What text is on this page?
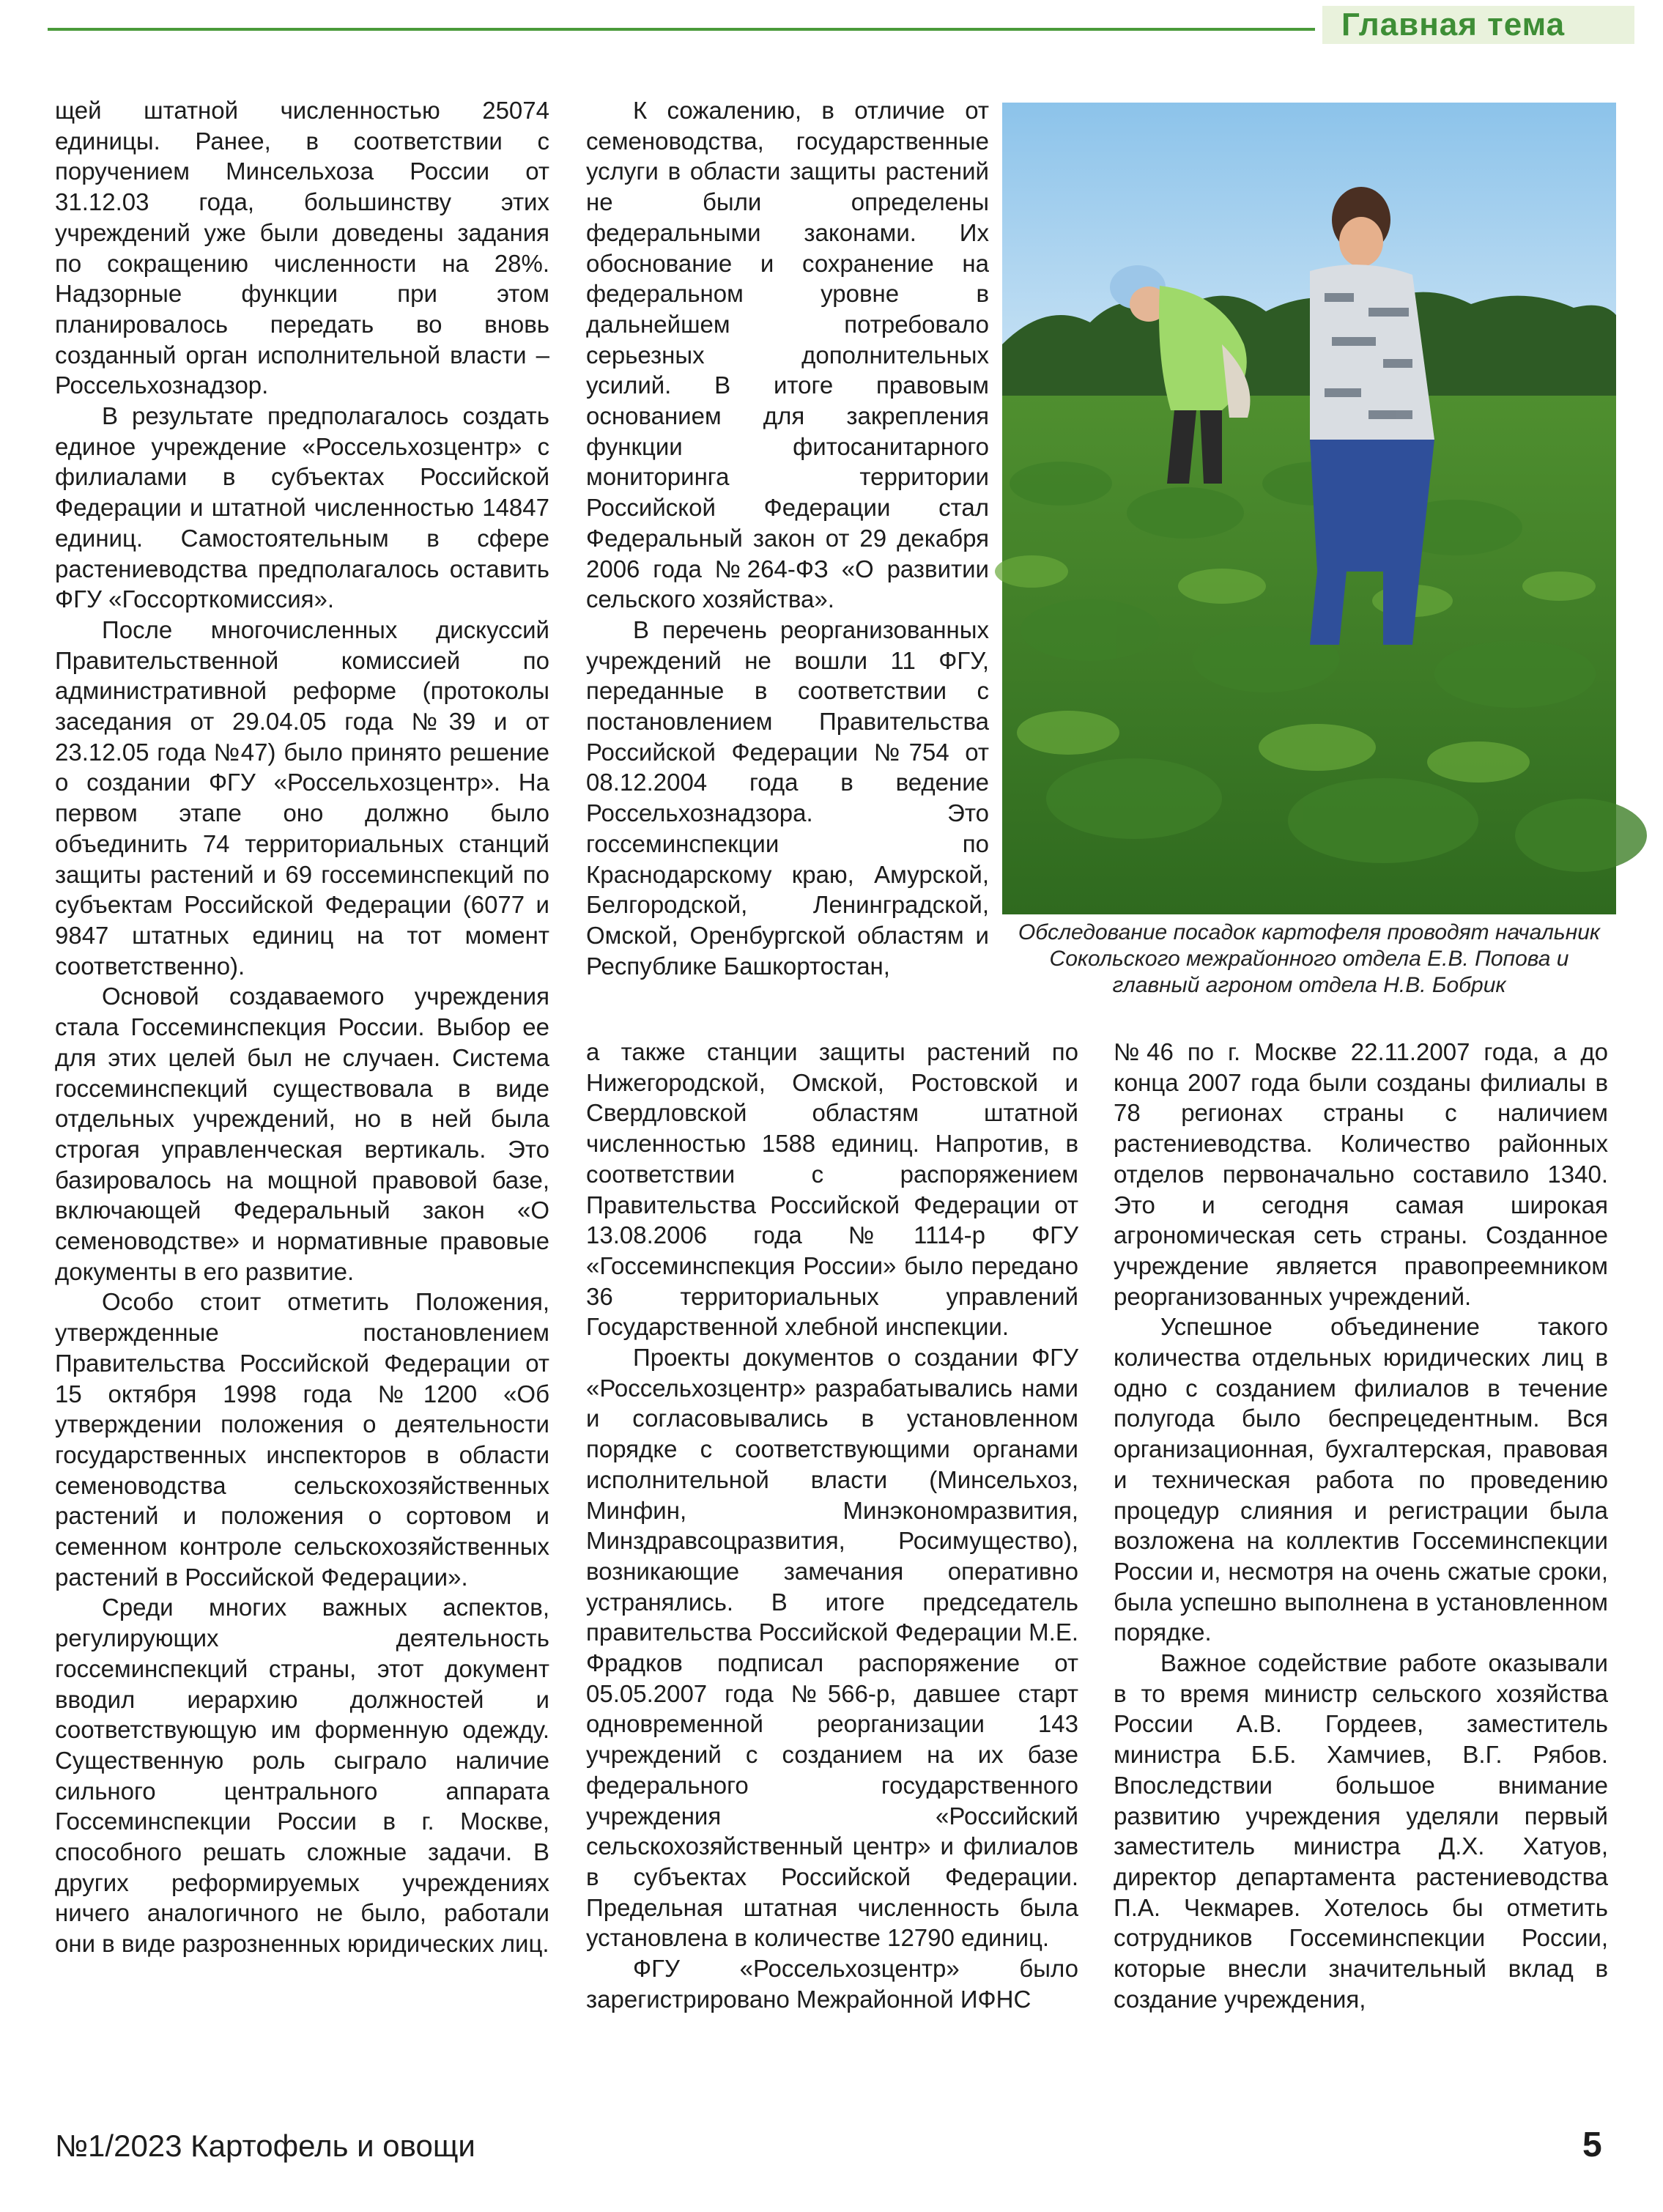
Главная тема

щей штатной численностью 25074 единицы. Ранее, в соответствии с поручением Минсельхоза России от 31.12.03 года, большинству этих учреждений уже были доведены задания по сокращению численности на 28%. Надзорные функции при этом планировалось передать во вновь созданный орган исполнительной власти – Россельхознадзор.

В результате предполагалось создать единое учреждение «Россельхозцентр» с филиалами в субъектах Российской Федерации и штатной численностью 14847 единиц. Самостоятельным в сфере растениеводства предполагалось оставить ФГУ «Госсорткомиссия».

После многочисленных дискуссий Правительственной комиссией по административной реформе (протоколы заседания от 29.04.05 года №39 и от 23.12.05 года №47) было принято решение о создании ФГУ «Россельхозцентр». На первом этапе оно должно было объединить 74 территориальных станций защиты растений и 69 госсеминспекций по субъектам Российской Федерации (6077 и 9847 штатных единиц на тот момент соответственно).

Основой создаваемого учреждения стала Госсеминспекция России. Выбор ее для этих целей был не случаен. Система госсеминспекций существовала в виде отдельных учреждений, но в ней была строгая управленческая вертикаль. Это базировалось на мощной правовой базе, включающей Федеральный закон «О семеноводстве» и нормативные правовые документы в его развитие.

Особо стоит отметить Положения, утвержденные постановлением Правительства Российской Федерации от 15 октября 1998 года №1200 «Об утверждении положения о деятельности государственных инспекторов в области семеноводства сельскохозяйственных растений и положения о сортовом и семенном контроле сельскохозяйственных растений в Российской Федерации».

Среди многих важных аспектов, регулирующих деятельность госсеминспекций страны, этот документ вводил иерархию должностей и соответствующую им форменную одежду. Существенную роль сыграло наличие сильного центрального аппарата Госсеминспекции России в г. Москве, способного решать сложные задачи. В других реформируемых учреждениях ничего аналогичного не было, работали они в виде разрозненных юридических лиц.

К сожалению, в отличие от семеноводства, государственные услуги в области защиты растений не были определены федеральными законами. Их обоснование и сохранение на федеральном уровне в дальнейшем потребовало серьезных дополнительных усилий. В итоге правовым основанием для закрепления функции фитосанитарного мониторинга территории Российской Федерации стал Федеральный закон от 29 декабря 2006 года №264-ФЗ «О развитии сельского хозяйства».

В перечень реорганизованных учреждений не вошли 11 ФГУ, переданные в соответствии с постановлением Правительства Российской Федерации №754 от 08.12.2004 года в ведение Россельхознадзора. Это госсеминспекции по Краснодарскому краю, Амурской, Белгородской, Ленинградской, Омской, Оренбургской областям и Республике Башкортостан,

Обследование посадок картофеля проводят начальник Сокольского межрайонного отдела Е.В. Попова и главный агроном отдела Н.В. Бобрик

а также станции защиты растений по Нижегородской, Омской, Ростовской и Свердловской областям штатной численностью 1588 единиц. Напротив, в соответствии с распоряжением Правительства Российской Федерации от 13.08.2006 года №1114-р ФГУ «Госсеминспекция России» было передано 36 территориальных управлений Государственной хлебной инспекции.

Проекты документов о создании ФГУ «Россельхозцентр» разрабатывались нами и согласовывались в установленном порядке с соответствующими органами исполнительной власти (Минсельхоз, Минфин, Минэкономразвития, Минздравсоцразвития, Росимущество), возникающие замечания оперативно устранялись. В итоге председатель правительства Российской Федерации М.Е. Фрадков подписал распоряжение от 05.05.2007 года №566-р, давшее старт одновременной реорганизации 143 учреждений с созданием на их базе федерального государственного учреждения «Российский сельскохозяйственный центр» и филиалов в субъектах Российской Федерации. Предельная штатная численность была установлена в количестве 12790 единиц.

ФГУ «Россельхозцентр» было зарегистрировано Межрайонной ИФНС

№46 по г. Москве 22.11.2007 года, а до конца 2007 года были созданы филиалы в 78 регионах страны с наличием растениеводства. Количество районных отделов первоначально составило 1340. Это и сегодня самая широкая агрономическая сеть страны. Созданное учреждение является правопреемником реорганизованных учреждений.

Успешное объединение такого количества отдельных юридических лиц в одно с созданием филиалов в течение полугода было беспрецедентным. Вся организационная, бухгалтерская, правовая и техническая работа по проведению процедур слияния и регистрации была возложена на коллектив Госсеминспекции России и, несмотря на очень сжатые сроки, была успешно выполнена в установленном порядке.

Важное содействие работе оказывали в то время министр сельского хозяйства России А.В. Гордеев, заместитель министра Б.Б. Хамчиев, В.Г. Рябов. Впоследствии большое внимание развитию учреждения уделяли первый заместитель министра Д.Х. Хатуов, директор департамента растениеводства П.А. Чекмарев. Хотелось бы отметить сотрудников Госсеминспекции России, которые внесли значительный вклад в создание учреждения,

№1/2023 Картофель и овощи	5
